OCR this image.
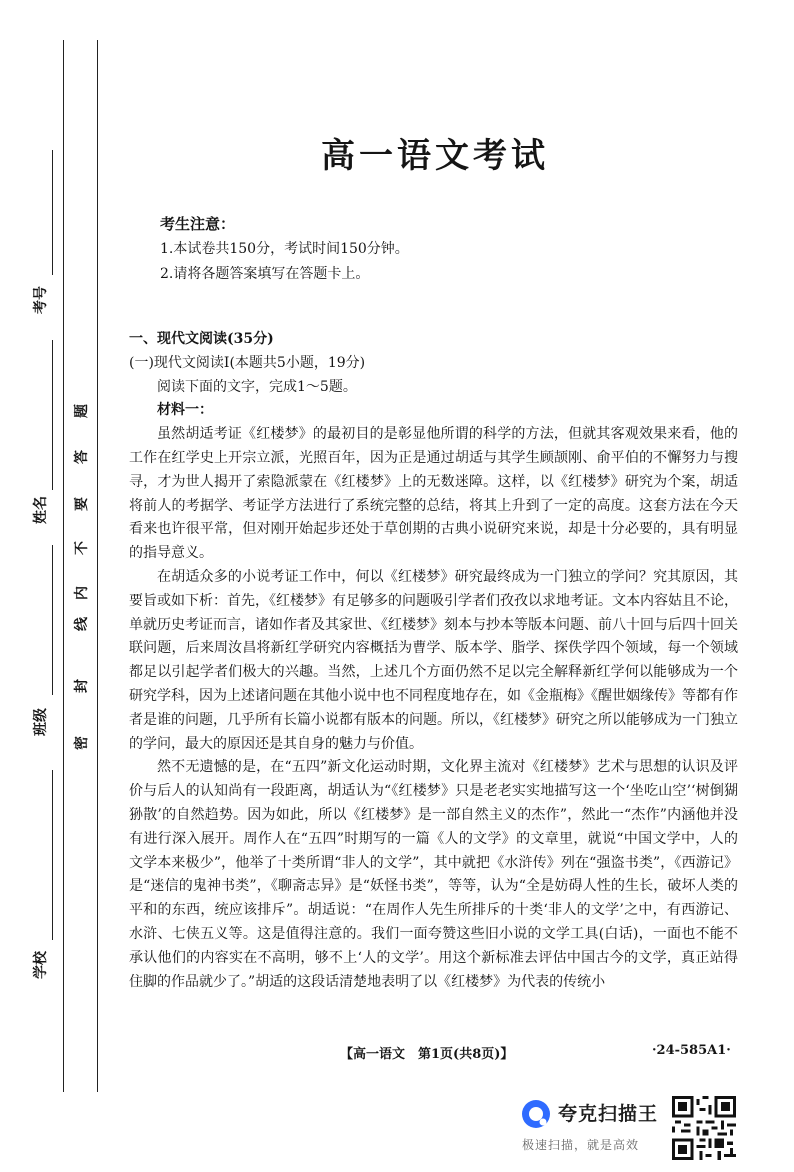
考号
姓名
班级
学校
密
封
线
内
不
要
答
题
高一语文考试
考生注意：
1.本试卷共150分，考试时间150分钟。
2.请将各题答案填写在答题卡上。

一、现代文阅读(35分)

(一)现代文阅读Ⅰ(本题共5小题，19分)

阅读下面的文字，完成1～5题。

材料一：

虽然胡适考证《红楼梦》的最初目的是彰显他所谓的科学的方法，但就其客观效果来看，他的工作在红学史上开宗立派，光照百年，因为正是通过胡适与其学生顾颉刚、俞平伯的不懈努力与搜寻，才为世人揭开了索隐派蒙在《红楼梦》上的无数迷障。这样，以《红楼梦》研究为个案，胡适将前人的考据学、考证学方法进行了系统完整的总结，将其上升到了一定的高度。这套方法在今天看来也许很平常，但对刚开始起步还处于草创期的古典小说研究来说，却是十分必要的，具有明显的指导意义。

在胡适众多的小说考证工作中，何以《红楼梦》研究最终成为一门独立的学问？究其原因，其要旨或如下析：首先，《红楼梦》有足够多的问题吸引学者们孜孜以求地考证。文本内容姑且不论，单就历史考证而言，诸如作者及其家世、《红楼梦》刻本与抄本等版本问题、前八十回与后四十回关联问题，后来周汝昌将新红学研究内容概括为曹学、版本学、脂学、探佚学四个领域，每一个领域都足以引起学者们极大的兴趣。当然，上述几个方面仍然不足以完全解释新红学何以能够成为一个研究学科，因为上述诸问题在其他小说中也不同程度地存在，如《金瓶梅》《醒世姻缘传》等都有作者是谁的问题，几乎所有长篇小说都有版本的问题。所以，《红楼梦》研究之所以能够成为一门独立的学问，最大的原因还是其自身的魅力与价值。

然不无遗憾的是，在“五四”新文化运动时期，文化界主流对《红楼梦》艺术与思想的认识及评价与后人的认知尚有一段距离，胡适认为“《红楼梦》只是老老实实地描写这一个‘坐吃山空’‘树倒猢狲散’的自然趋势。因为如此，所以《红楼梦》是一部自然主义的杰作”，然此一“杰作”内涵他并没有进行深入展开。周作人在“五四”时期写的一篇《人的文学》的文章里，就说“中国文学中，人的文学本来极少”，他举了十类所谓“非人的文学”，其中就把《水浒传》列在“强盗书类”，《西游记》是“迷信的鬼神书类”，《聊斋志异》是“妖怪书类”，等等，认为“全是妨碍人性的生长，破坏人类的平和的东西，统应该排斥”。胡适说：“在周作人先生所排斥的十类‘非人的文学’之中，有西游记、水浒、七侠五义等。这是值得注意的。我们一面夸赞这些旧小说的文学工具(白话)，一面也不能不承认他们的内容实在不高明，够不上‘人的文学’。用这个新标准去评估中国古今的文学，真正站得住脚的作品就少了。”胡适的这段话清楚地表明了以《红楼梦》为代表的传统小

【高一语文　第1页(共8页)】	·24-585A1·
夸克扫描王
极速扫描，就是高效
